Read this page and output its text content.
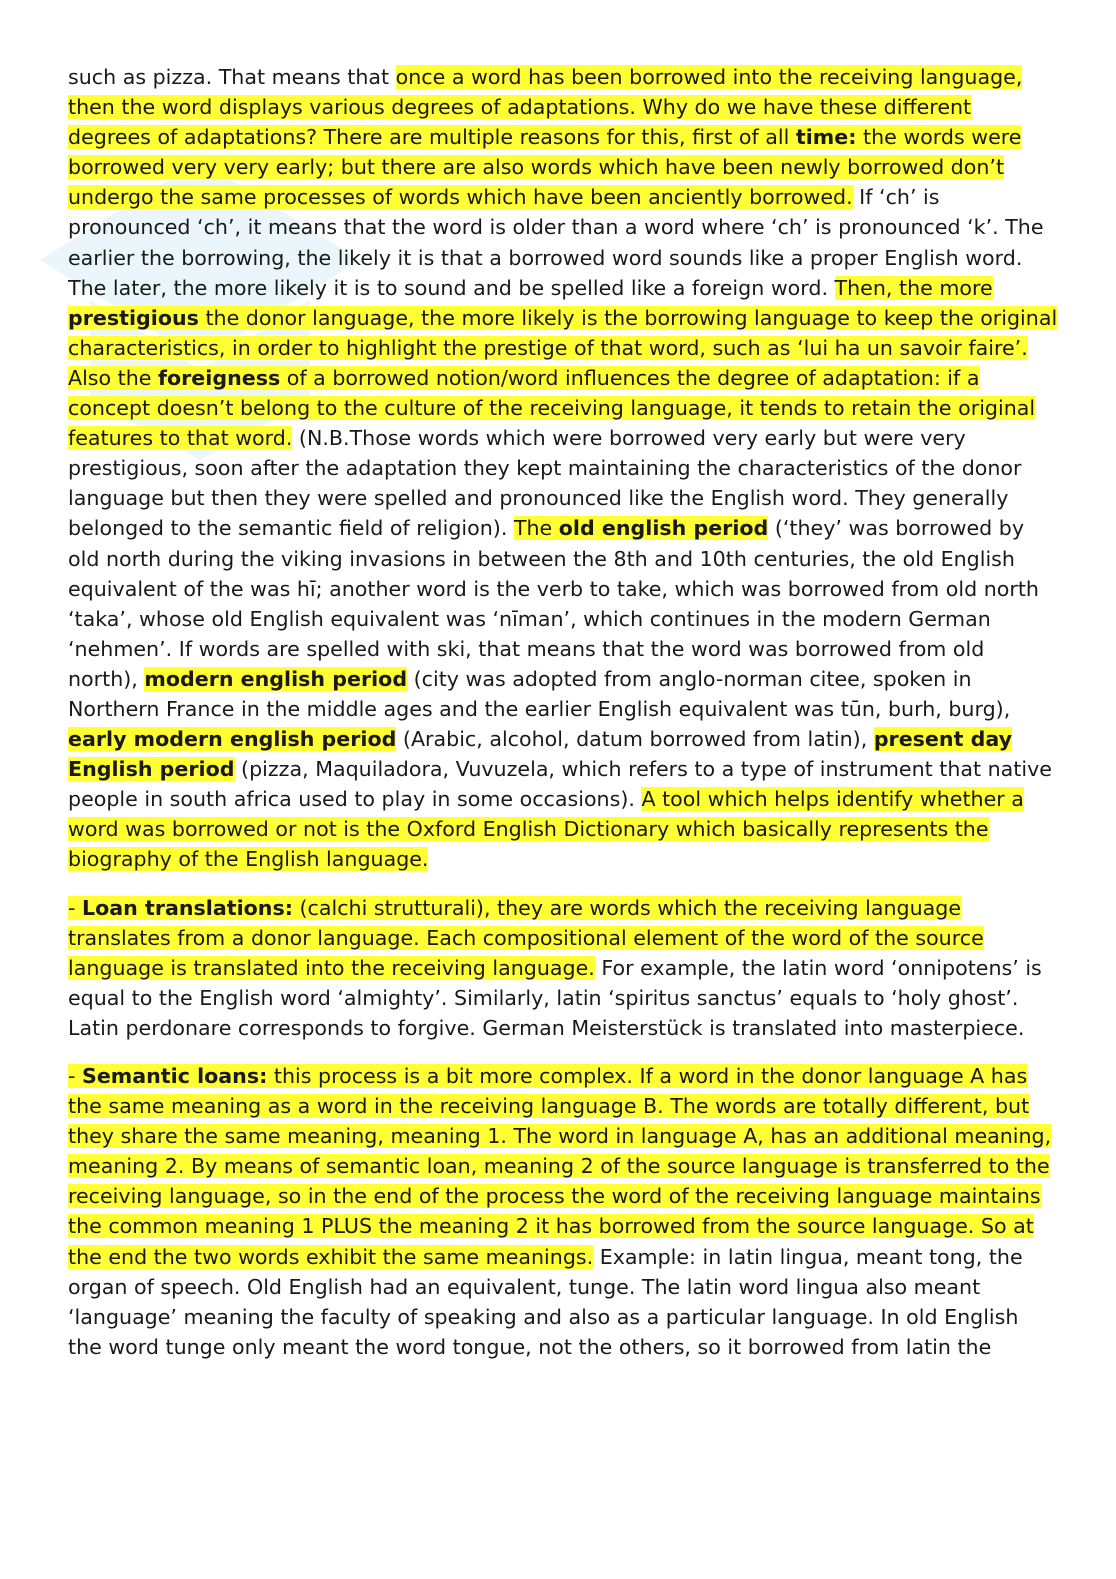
such as pizza. That means that once a word has been borrowed into the receiving language, then the word displays various degrees of adaptations. Why do we have these different degrees of adaptations? There are multiple reasons for this, first of all time: the words were borrowed very very early; but there are also words which have been newly borrowed don’t undergo the same processes of words which have been anciently borrowed. If ‘ch’ is pronounced ‘ch’, it means that the word is older than a word where ‘ch’ is pronounced ‘k’. The earlier the borrowing, the likely it is that a borrowed word sounds like a proper English word. The later, the more likely it is to sound and be spelled like a foreign word. Then, the more prestigious the donor language, the more likely is the borrowing language to keep the original characteristics, in order to highlight the prestige of that word, such as ‘lui ha un savoir faire’. Also the foreigness of a borrowed notion/word influences the degree of adaptation: if a concept doesn’t belong to the culture of the receiving language, it tends to retain the original features to that word. (N.B.Those words which were borrowed very early but were very prestigious, soon after the adaptation they kept maintaining the characteristics of the donor language but then they were spelled and pronounced like the English word. They generally belonged to the semantic field of religion). The old english period (‘they’ was borrowed by old north during the viking invasions in between the 8th and 10th centuries, the old English equivalent of the was hī; another word is the verb to take, which was borrowed from old north ‘taka’, whose old English equivalent was ‘nīman’, which continues in the modern German ‘nehmen’. If words are spelled with ski, that means that the word was borrowed from old north), modern english period (city was adopted from anglo-norman citee, spoken in Northern France in the middle ages and the earlier English equivalent was tūn, burh, burg), early modern english period (Arabic, alcohol, datum borrowed from latin), present day English period (pizza, Maquiladora, Vuvuzela, which refers to a type of instrument that native people in south africa used to play in some occasions). A tool which helps identify whether a word was borrowed or not is the Oxford English Dictionary which basically represents the biography of the English language.

- Loan translations: (calchi strutturali), they are words which the receiving language translates from a donor language. Each compositional element of the word of the source language is translated into the receiving language. For example, the latin word ‘onnipotens’ is equal to the English word ‘almighty’. Similarly, latin ‘spiritus sanctus’ equals to ‘holy ghost’. Latin perdonare corresponds to forgive. German Meisterstück is translated into masterpiece.

- Semantic loans: this process is a bit more complex. If a word in the donor language A has the same meaning as a word in the receiving language B. The words are totally different, but they share the same meaning, meaning 1. The word in language A, has an additional meaning, meaning 2. By means of semantic loan, meaning 2 of the source language is transferred to the receiving language, so in the end of the process the word of the receiving language maintains the common meaning 1 PLUS the meaning 2 it has borrowed from the source language. So at the end the two words exhibit the same meanings. Example: in latin lingua, meant tong, the organ of speech. Old English had an equivalent, tunge. The latin word lingua also meant ‘language’ meaning the faculty of speaking and also as a particular language. In old English the word tunge only meant the word tongue, not the others, so it borrowed from latin the
